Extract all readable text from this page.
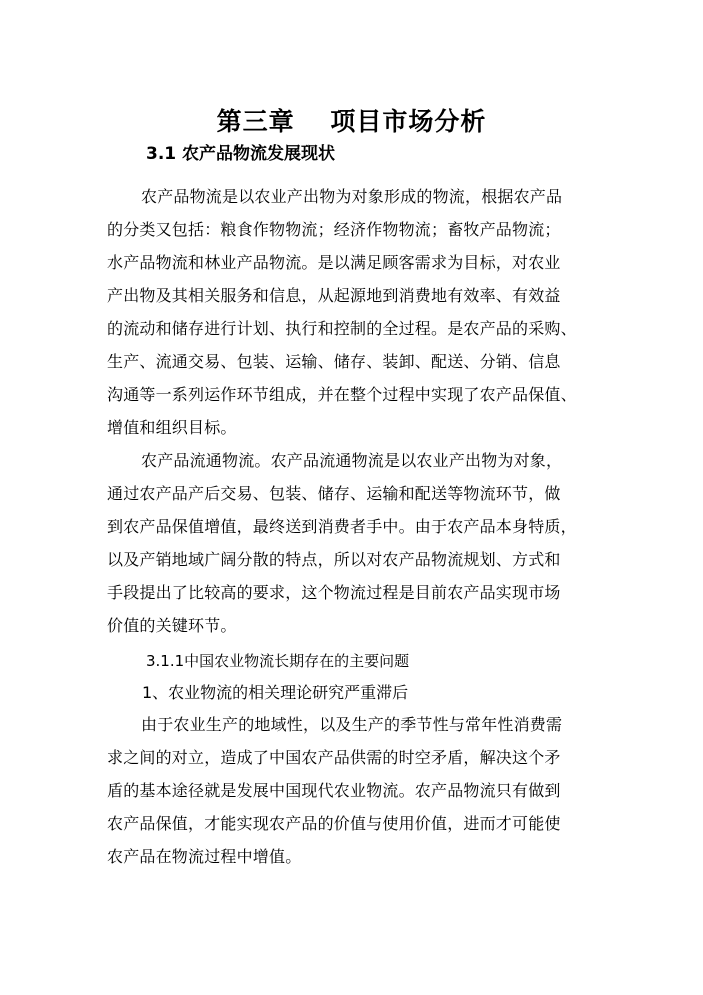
第三章　 项目市场分析
3.1 农产品物流发展现状
农产品物流是以农业产出物为对象形成的物流，根据农产品
的分类又包括：粮食作物物流；经济作物物流；畜牧产品物流；
水产品物流和林业产品物流。是以满足顾客需求为目标，对农业
产出物及其相关服务和信息，从起源地到消费地有效率、有效益
的流动和储存进行计划、执行和控制的全过程。是农产品的采购、
生产、流通交易、包装、运输、储存、装卸、配送、分销、信息
沟通等一系列运作环节组成，并在整个过程中实现了农产品保值、
增值和组织目标。
农产品流通物流。农产品流通物流是以农业产出物为对象，
通过农产品产后交易、包装、储存、运输和配送等物流环节，做
到农产品保值增值，最终送到消费者手中。由于农产品本身特质，
以及产销地域广阔分散的特点，所以对农产品物流规划、方式和
手段提出了比较高的要求，这个物流过程是目前农产品实现市场
价值的关键环节。
3.1.1中国农业物流长期存在的主要问题
1、农业物流的相关理论研究严重滞后
由于农业生产的地域性，以及生产的季节性与常年性消费需
求之间的对立，造成了中国农产品供需的时空矛盾，解决这个矛
盾的基本途径就是发展中国现代农业物流。农产品物流只有做到
农产品保值，才能实现农产品的价值与使用价值，进而才可能使
农产品在物流过程中增值。
